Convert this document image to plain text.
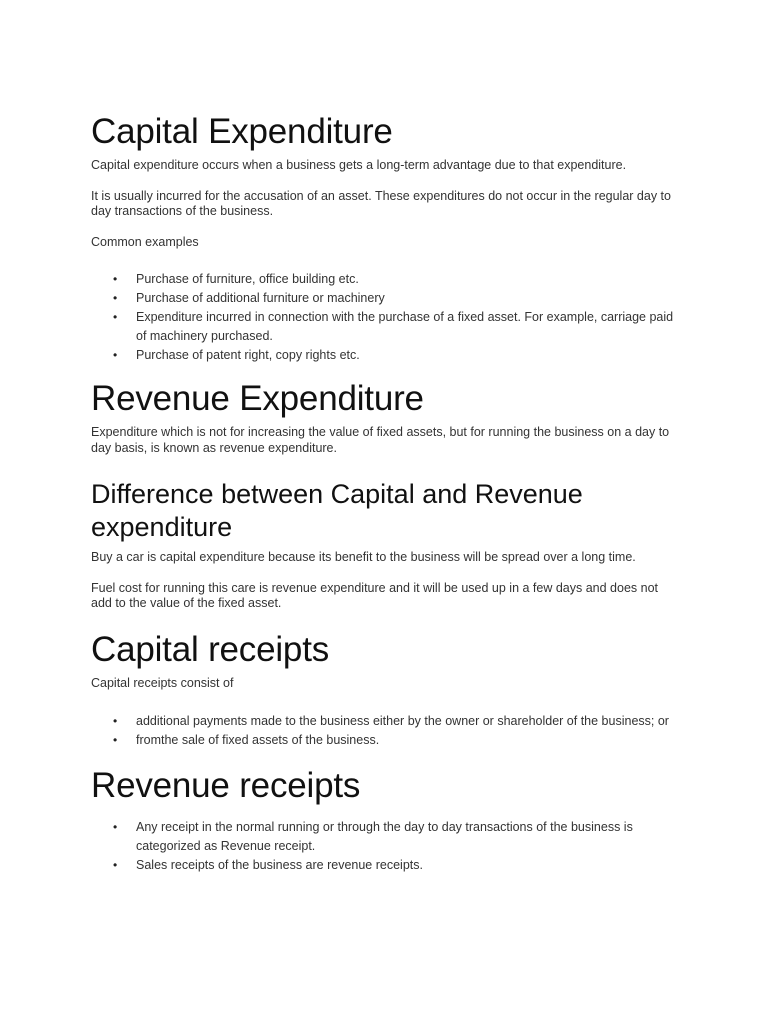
Capital Expenditure

Capital expenditure occurs when a business gets a long-term advantage due to that expenditure.

It is usually incurred for the accusation of an asset. These expenditures do not occur in the regular day to day transactions of the business.

Common examples

• Purchase of furniture, office building etc.
• Purchase of additional furniture or machinery
• Expenditure incurred in connection with the purchase of a fixed asset. For example, carriage paid of machinery purchased.
• Purchase of patent right, copy rights etc.
Revenue Expenditure

Expenditure which is not for increasing the value of fixed assets, but for running the business on a day to day basis, is known as revenue expenditure.

Difference between Capital and Revenue expenditure

Buy a car is capital expenditure because its benefit to the business will be spread over a long time.

Fuel cost for running this care is revenue expenditure and it will be used up in a few days and does not add to the value of the fixed asset.

Capital receipts

Capital receipts consist of

• additional payments made to the business either by the owner or shareholder of the business; or
• fromthe sale of fixed assets of the business.
Revenue receipts
• Any receipt in the normal running or through the day to day transactions of the business is categorized as Revenue receipt.
• Sales receipts of the business are revenue receipts.
